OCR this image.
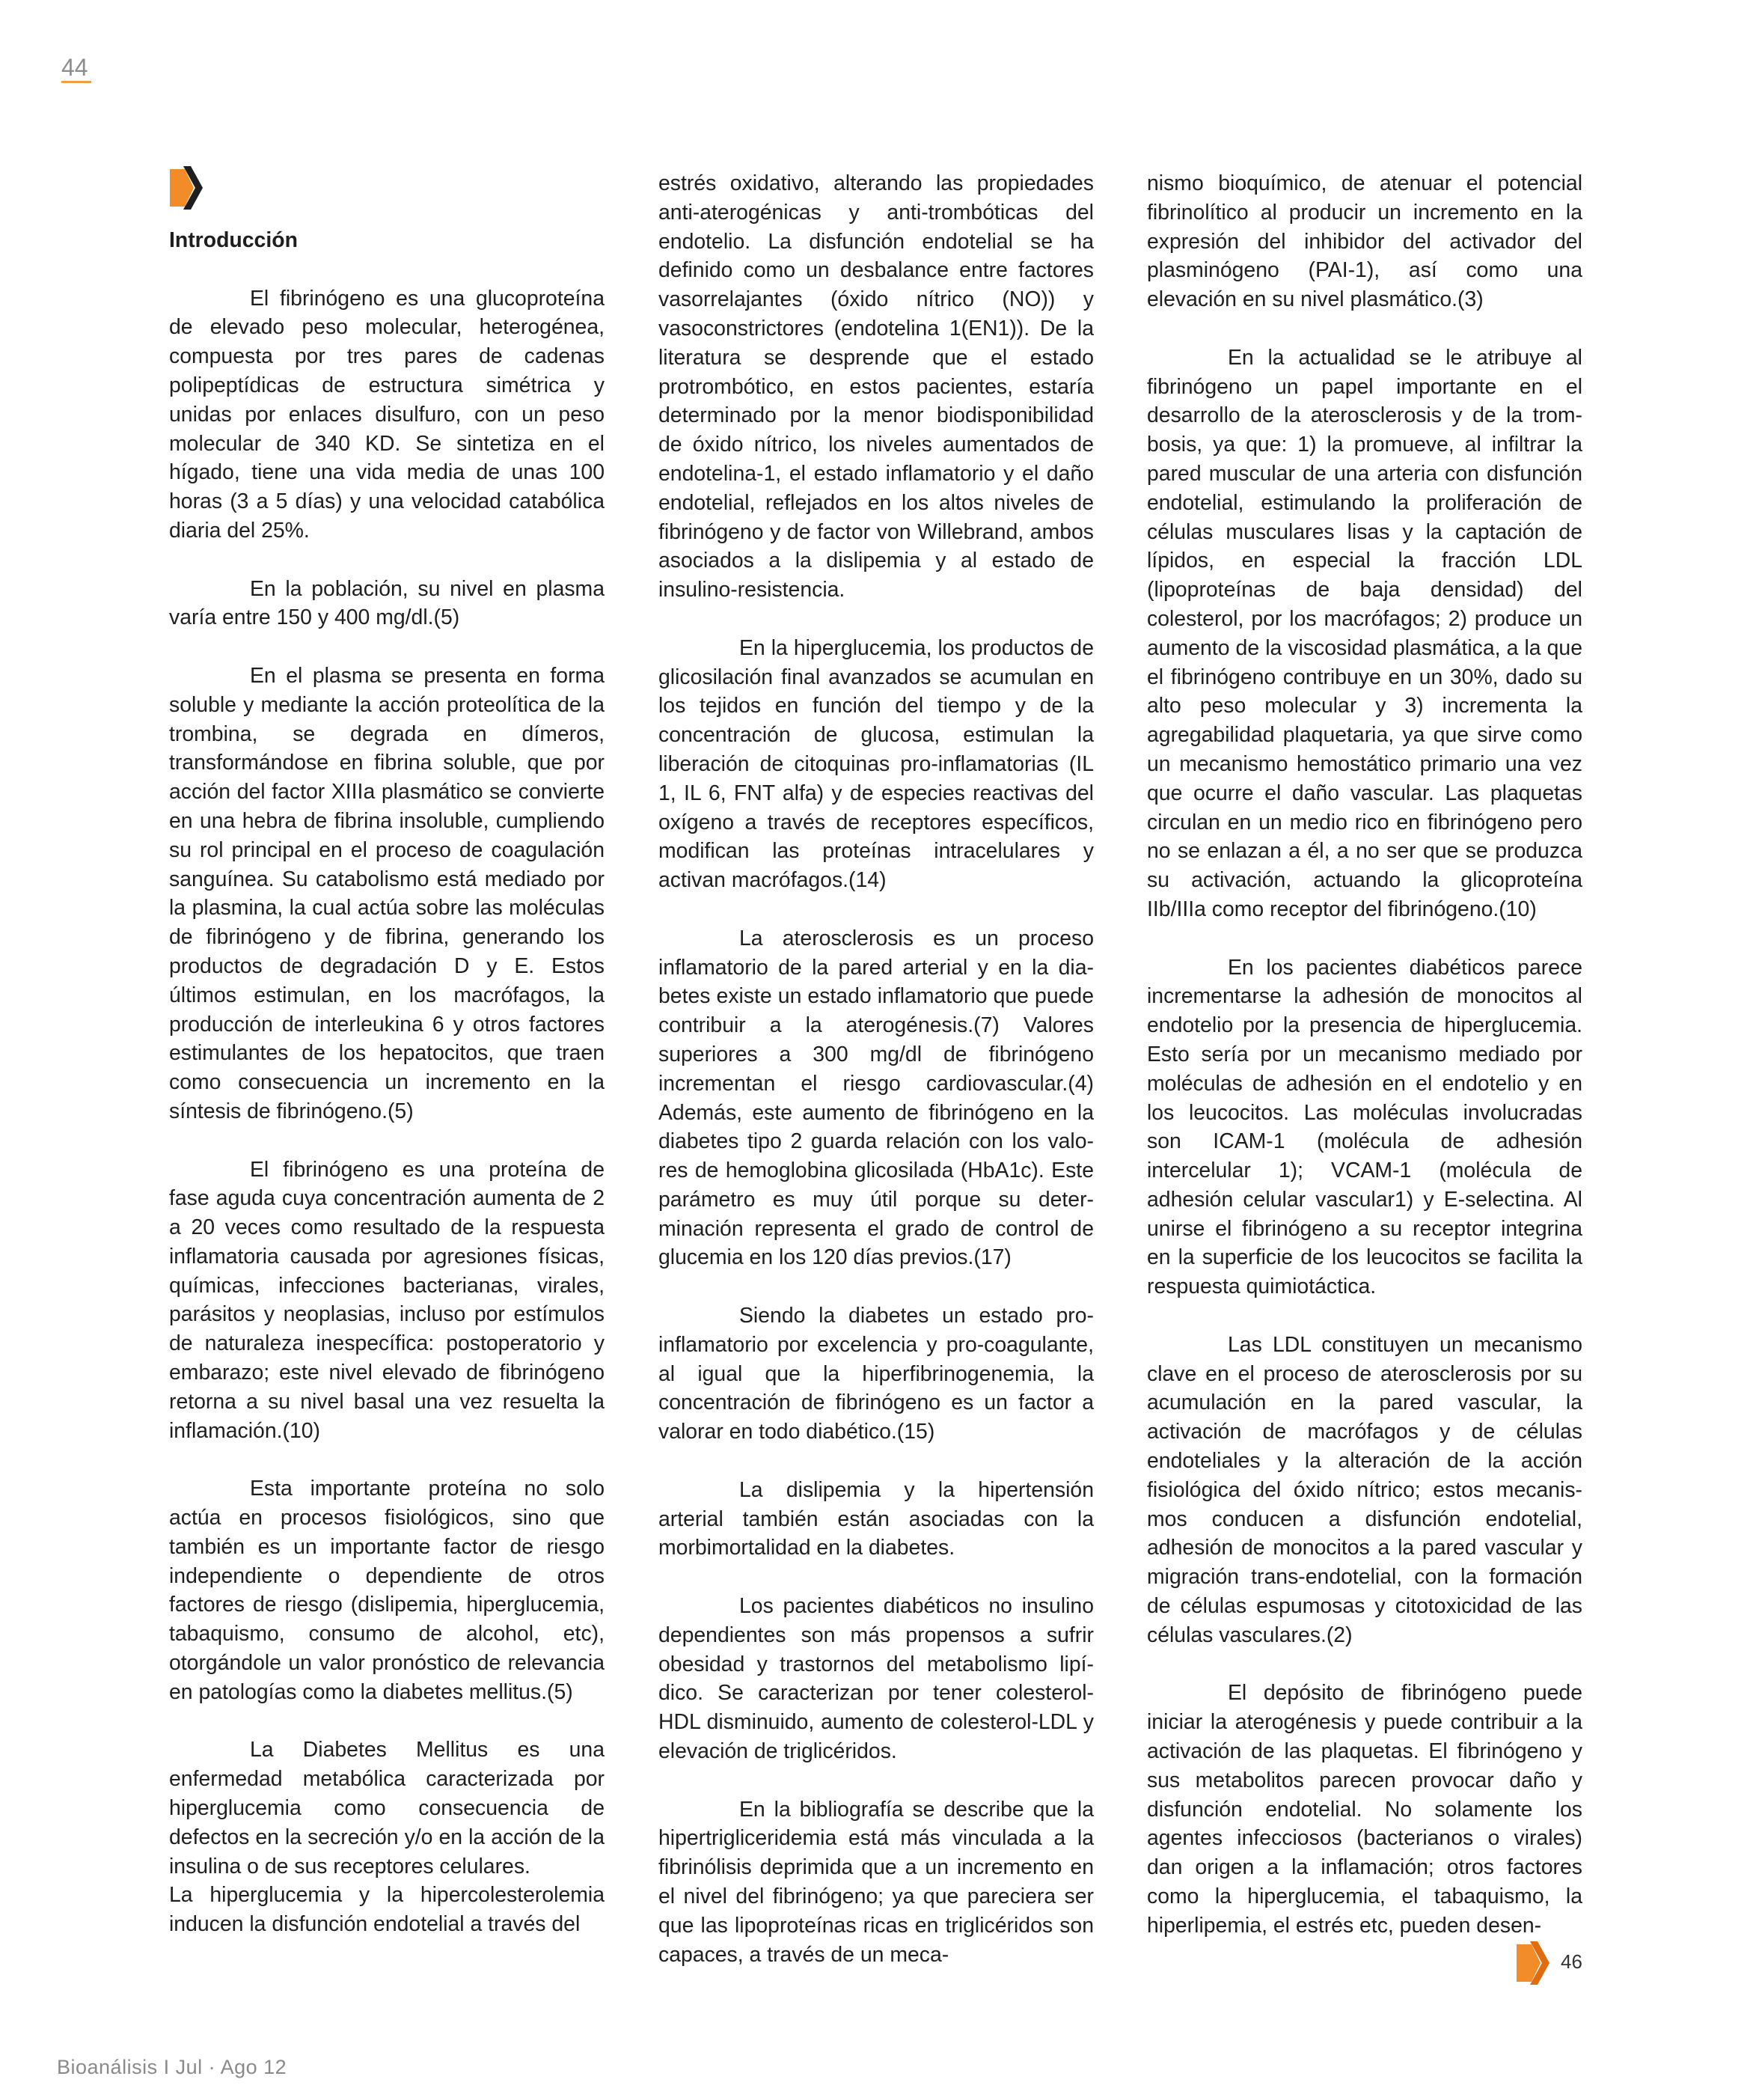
44
Introducción

El fibrinógeno es una glucoproteína de elevado peso molecular, heterogénea, compuesta por tres pares de cadenas polipeptídicas de estructura simétrica y unidas por enlaces disulfuro, con un peso molecular de 340 KD. Se sintetiza en el hígado, tiene una vida media de unas 100 horas (3 a 5 días) y una velocidad catabólica diaria del 25%.

En la población, su nivel en plasma varía entre 150 y 400 mg/dl.(5)

En el plasma se presenta en forma soluble y mediante la acción proteolítica de la trombina, se degrada en dímeros, transformándose en fibrina soluble, que por acción del factor XIIIa plasmático se convierte en una hebra de fibrina insoluble, cumpliendo su rol principal en el proceso de coagulación sanguínea. Su catabolismo está mediado por la plasmina, la cual actúa sobre las moléculas de fibrinógeno y de fibrina, generando los productos de degradación D y E. Estos últimos estimulan, en los macrófagos, la producción de interleukina 6 y otros factores estimulantes de los hepatocitos, que traen como consecuencia un incremento en la síntesis de fibrinógeno.(5)

El fibrinógeno es una proteína de fase aguda cuya concentración aumenta de 2 a 20 veces como resultado de la respuesta inflamatoria causada por agresiones físicas, químicas, infecciones bacterianas, virales, parásitos y neoplasias, incluso por estímulos de naturaleza inespecífica: postoperatorio y embarazo; este nivel elevado de fibrinógeno retorna a su nivel basal una vez resuelta la inflamación.(10)

Esta importante proteína no solo actúa en procesos fisiológicos, sino que también es un importante factor de riesgo independiente o dependiente de otros factores de riesgo (dislipemia, hiperglucemia, tabaquismo, consumo de alcohol, etc), otorgándole un valor pronóstico de relevancia en patologías como la diabetes mellitus.(5)

La Diabetes Mellitus es una enfermedad metabólica caracterizada por hiperglucemia como consecuencia de defectos en la secreción y/o en la acción de la insulina o de sus receptores celulares.

La hiperglucemia y la hipercolesterolemia inducen la disfunción endotelial a través del

estrés oxidativo, alterando las propiedades anti-aterogénicas y anti-trombóticas del endotelio. La disfunción endotelial se ha definido como un desbalance entre factores vasorrelajantes (óxido nítrico (NO)) y vasoconstrictores (endotelina 1(EN1)). De la literatura se desprende que el estado protrombótico, en estos pacientes, estaría determinado por la menor biodisponibilidad de óxido nítrico, los niveles aumentados de endotelina-1, el estado inflamatorio y el daño endotelial, reflejados en los altos niveles de fibrinógeno y de factor von Willebrand, ambos asociados a la dislipemia y al estado de insulino-resistencia.

En la hiperglucemia, los productos de glicosilación final avanzados se acumulan en los tejidos en función del tiempo y de la concentración de glucosa, estimulan la liberación de citoquinas pro-inflamatorias (IL 1, IL 6, FNT alfa) y de especies reactivas del oxígeno a través de receptores específicos, modifican las proteínas intracelulares y activan macrófagos.(14)

La aterosclerosis es un proceso inflamatorio de la pared arterial y en la diabetes existe un estado inflamatorio que puede contribuir a la aterogénesis.(7) Valores superiores a 300 mg/dl de fibrinógeno incrementan el riesgo cardiovascular.(4) Además, este aumento de fibrinógeno en la diabetes tipo 2 guarda relación con los valores de hemoglobina glicosilada (HbA1c). Este parámetro es muy útil porque su determinación representa el grado de control de glucemia en los 120 días previos.(17)

Siendo la diabetes un estado pro-inflamatorio por excelencia y pro-coagulante, al igual que la hiperfibrinogenemia, la concentración de fibrinógeno es un factor a valorar en todo diabético.(15)

La dislipemia y la hipertensión arterial también están asociadas con la morbimortalidad en la diabetes.

Los pacientes diabéticos no insulino dependientes son más propensos a sufrir obesidad y trastornos del metabolismo lipídico. Se caracterizan por tener colesterol-HDL disminuido, aumento de colesterol-LDL y elevación de triglicéridos.

En la bibliografía se describe que la hipertrigliceridemia está más vinculada a la fibrinólisis deprimida que a un incremento en el nivel del fibrinógeno; ya que pareciera ser que las lipoproteínas ricas en triglicéridos son capaces, a través de un meca-

nismo bioquímico, de atenuar el potencial fibrinolítico al producir un incremento en la expresión del inhibidor del activador del plasminógeno (PAI-1), así como una elevación en su nivel plasmático.(3)

En la actualidad se le atribuye al fibrinógeno un papel importante en el desarrollo de la aterosclerosis y de la trombosis, ya que: 1) la promueve, al infiltrar la pared muscular de una arteria con disfunción endotelial, estimulando la proliferación de células musculares lisas y la captación de lípidos, en especial la fracción LDL (lipoproteínas de baja densidad) del colesterol, por los macrófagos; 2) produce un aumento de la viscosidad plasmática, a la que el fibrinógeno contribuye en un 30%, dado su alto peso molecular y 3) incrementa la agregabilidad plaquetaria, ya que sirve como un mecanismo hemostático primario una vez que ocurre el daño vascular. Las plaquetas circulan en un medio rico en fibrinógeno pero no se enlazan a él, a no ser que se produzca su activación, actuando la glicoproteína IIb/IIIa como receptor del fibrinógeno.(10)

En los pacientes diabéticos parece incrementarse la adhesión de monocitos al endotelio por la presencia de hiperglucemia. Esto sería por un mecanismo mediado por moléculas de adhesión en el endotelio y en los leucocitos. Las moléculas involucradas son ICAM-1 (molécula de adhesión intercelular 1); VCAM-1 (molécula de adhesión celular vascular1) y E-selectina. Al unirse el fibrinógeno a su receptor integrina en la superficie de los leucocitos se facilita la respuesta quimiotáctica.

Las LDL constituyen un mecanismo clave en el proceso de aterosclerosis por su acumulación en la pared vascular, la activación de macrófagos y de células endoteliales y la alteración de la acción fisiológica del óxido nítrico; estos mecanismos conducen a disfunción endotelial, adhesión de monocitos a la pared vascular y migración trans-endotelial, con la formación de células espumosas y citotoxicidad de las células vasculares.(2)

El depósito de fibrinógeno puede iniciar la aterogénesis y puede contribuir a la activación de las plaquetas. El fibrinógeno y sus metabolitos parecen provocar daño y disfunción endotelial. No solamente los agentes infecciosos (bacterianos o virales) dan origen a la inflamación; otros factores como la hiperglucemia, el tabaquismo, la hiperlipemia, el estrés etc, pueden desen-

46
Bioanálisis I Jul · Ago 12
